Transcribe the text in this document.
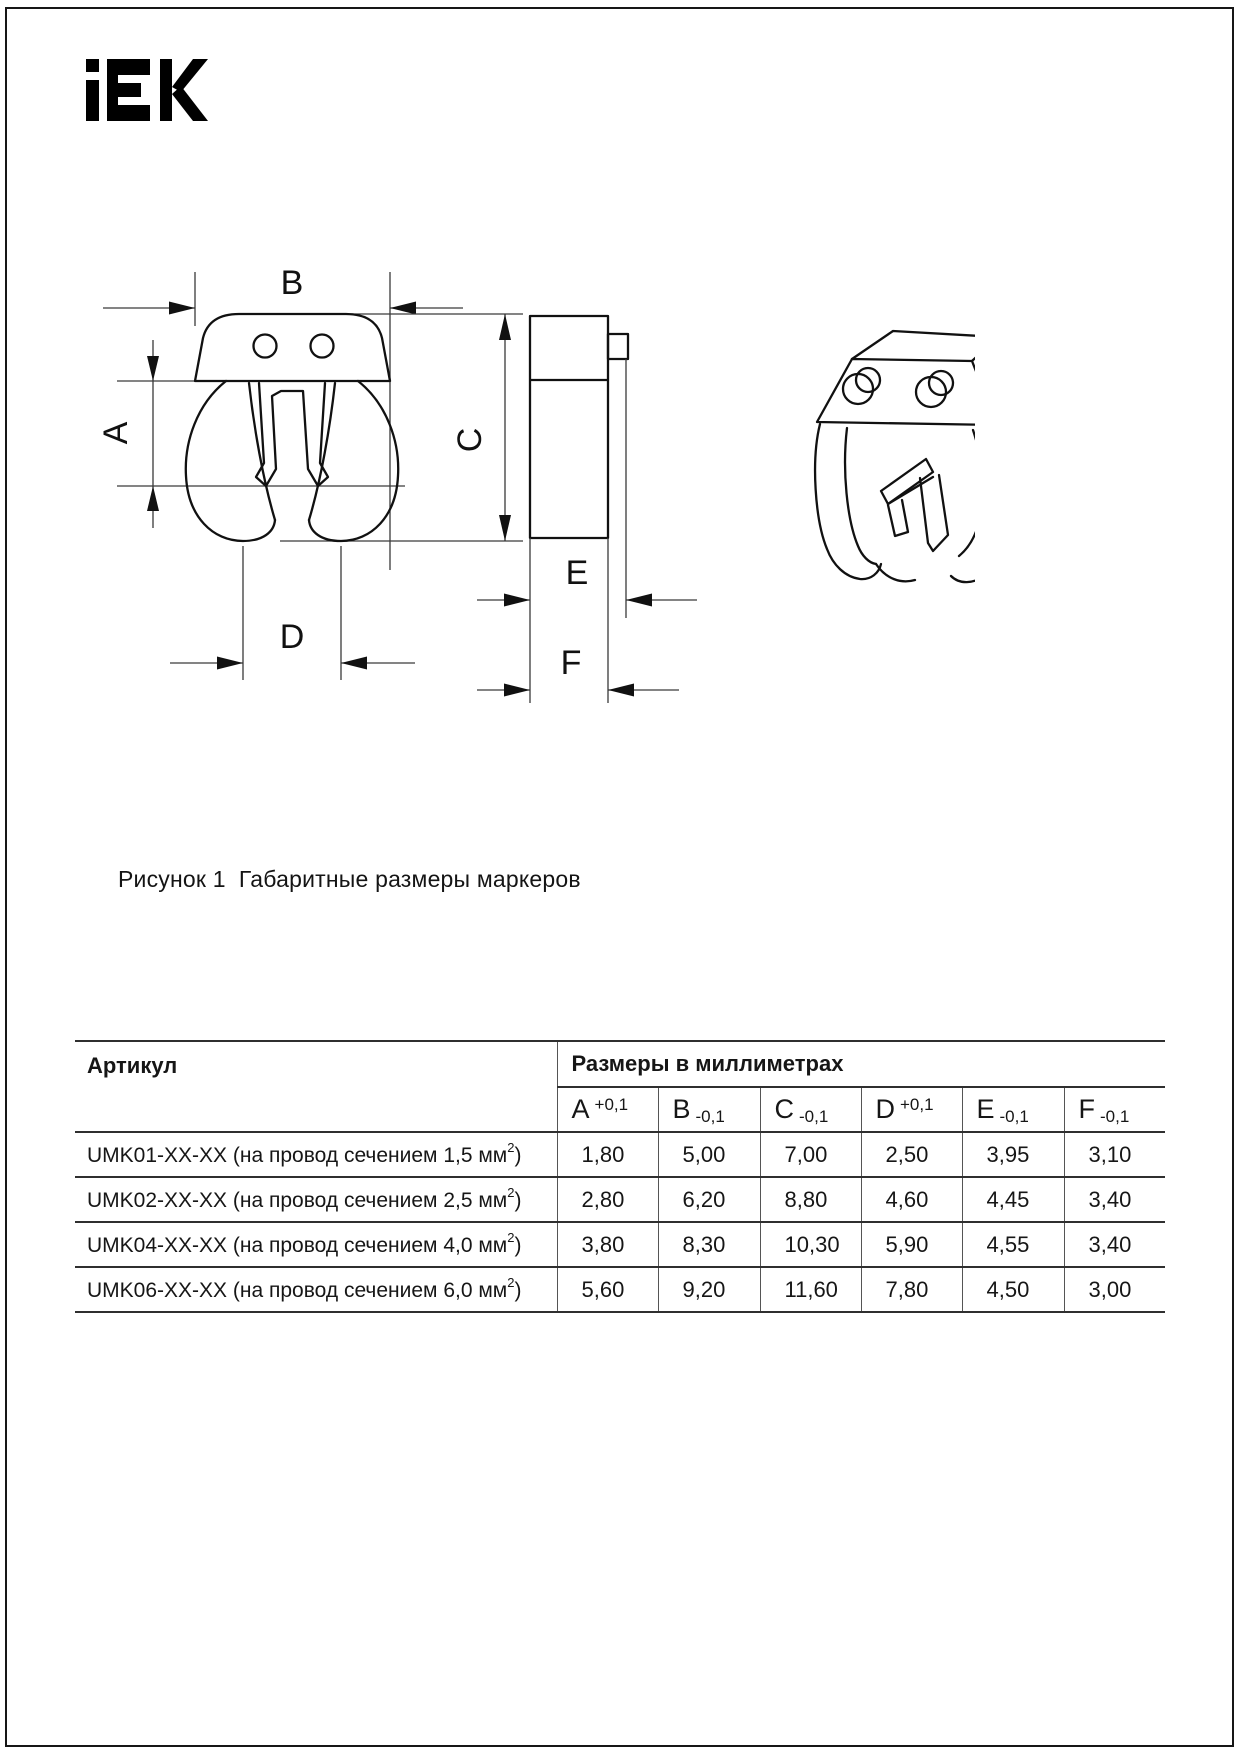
B
A	C
D
E
F
Рисунок 1  Габаритные размеры маркеров
Артикул	Размеры в миллиметрах					
	A +0,1	B -0,1	C -0,1	D +0,1	E -0,1	F -0,1
UMK01-XX-XX (на провод сечением 1,5 $мм^2$)	1,80	5,00	7,00	2,50	3,95	3,10
UMK02-XX-XX (на провод сечением 2,5 $мм^2$)	2,80	6,20	8,80	4,60	4,45	3,40
UMK04-XX-XX (на провод сечением 4,0 $мм^2$)	3,80	8,30	10,30	5,90	4,55	3,40
UMK06-XX-XX (на провод сечением 6,0 $мм^2$)	5,60	9,20	11,60	7,80	4,50	3,00
